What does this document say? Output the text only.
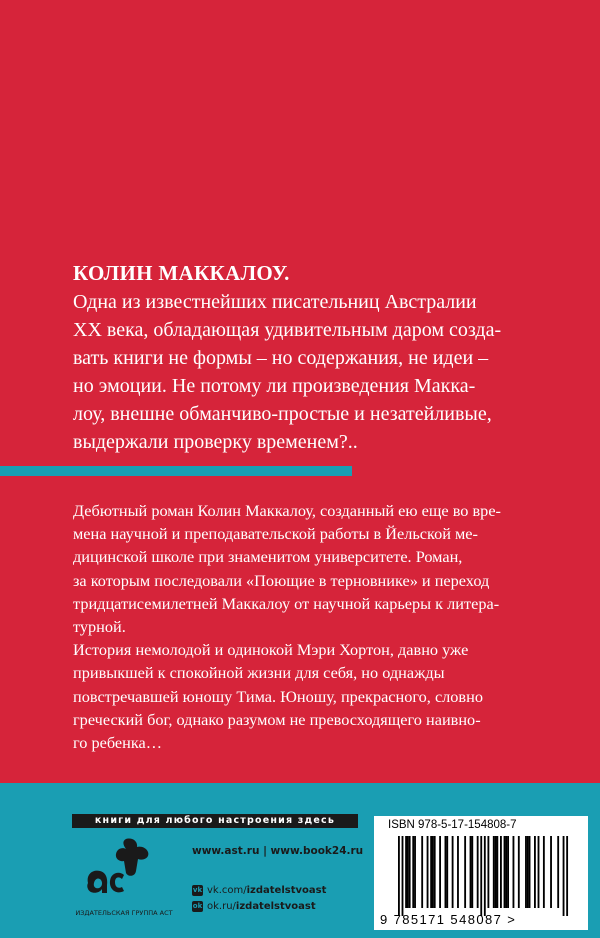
КОЛИН МАККАЛОУ.
Одна из известнейших писательниц Австралии
XX века, обладающая удивительным даром созда-
вать книги не формы – но содержания, не идеи –
но эмоции. Не потому ли произведения Макка-
лоу, внешне обманчиво-простые и незатейливые,
выдержали проверку временем?..
Дебютный роман Колин Маккалоу, созданный ею еще во вре-
мена научной и преподавательской работы в Йельской ме-
дицинской школе при знаменитом университете. Роман,
за которым последовали «Поющие в терновнике» и переход
тридцатисемилетней Маккалоу от научной карьеры к литера-
турной.
История немолодой и одинокой Мэри Хортон, давно уже
привыкшей к спокойной жизни для себя, но однажды
повстречавшей юношу Тима. Юношу, прекрасного, словно
греческий бог, однако разумом не превосходящего наивно-
го ребенка…
книги для любого настроения здесь
аст
ИЗДАТЕЛЬСКАЯ ГРУППА АСТ
www.ast.ru | www.book24.ru
vk vk.com/ izdatelstvoast
ok ok.ru/ izdatelstvoast
ISBN 978-5-17-154808-7
9 785171 548087 >
